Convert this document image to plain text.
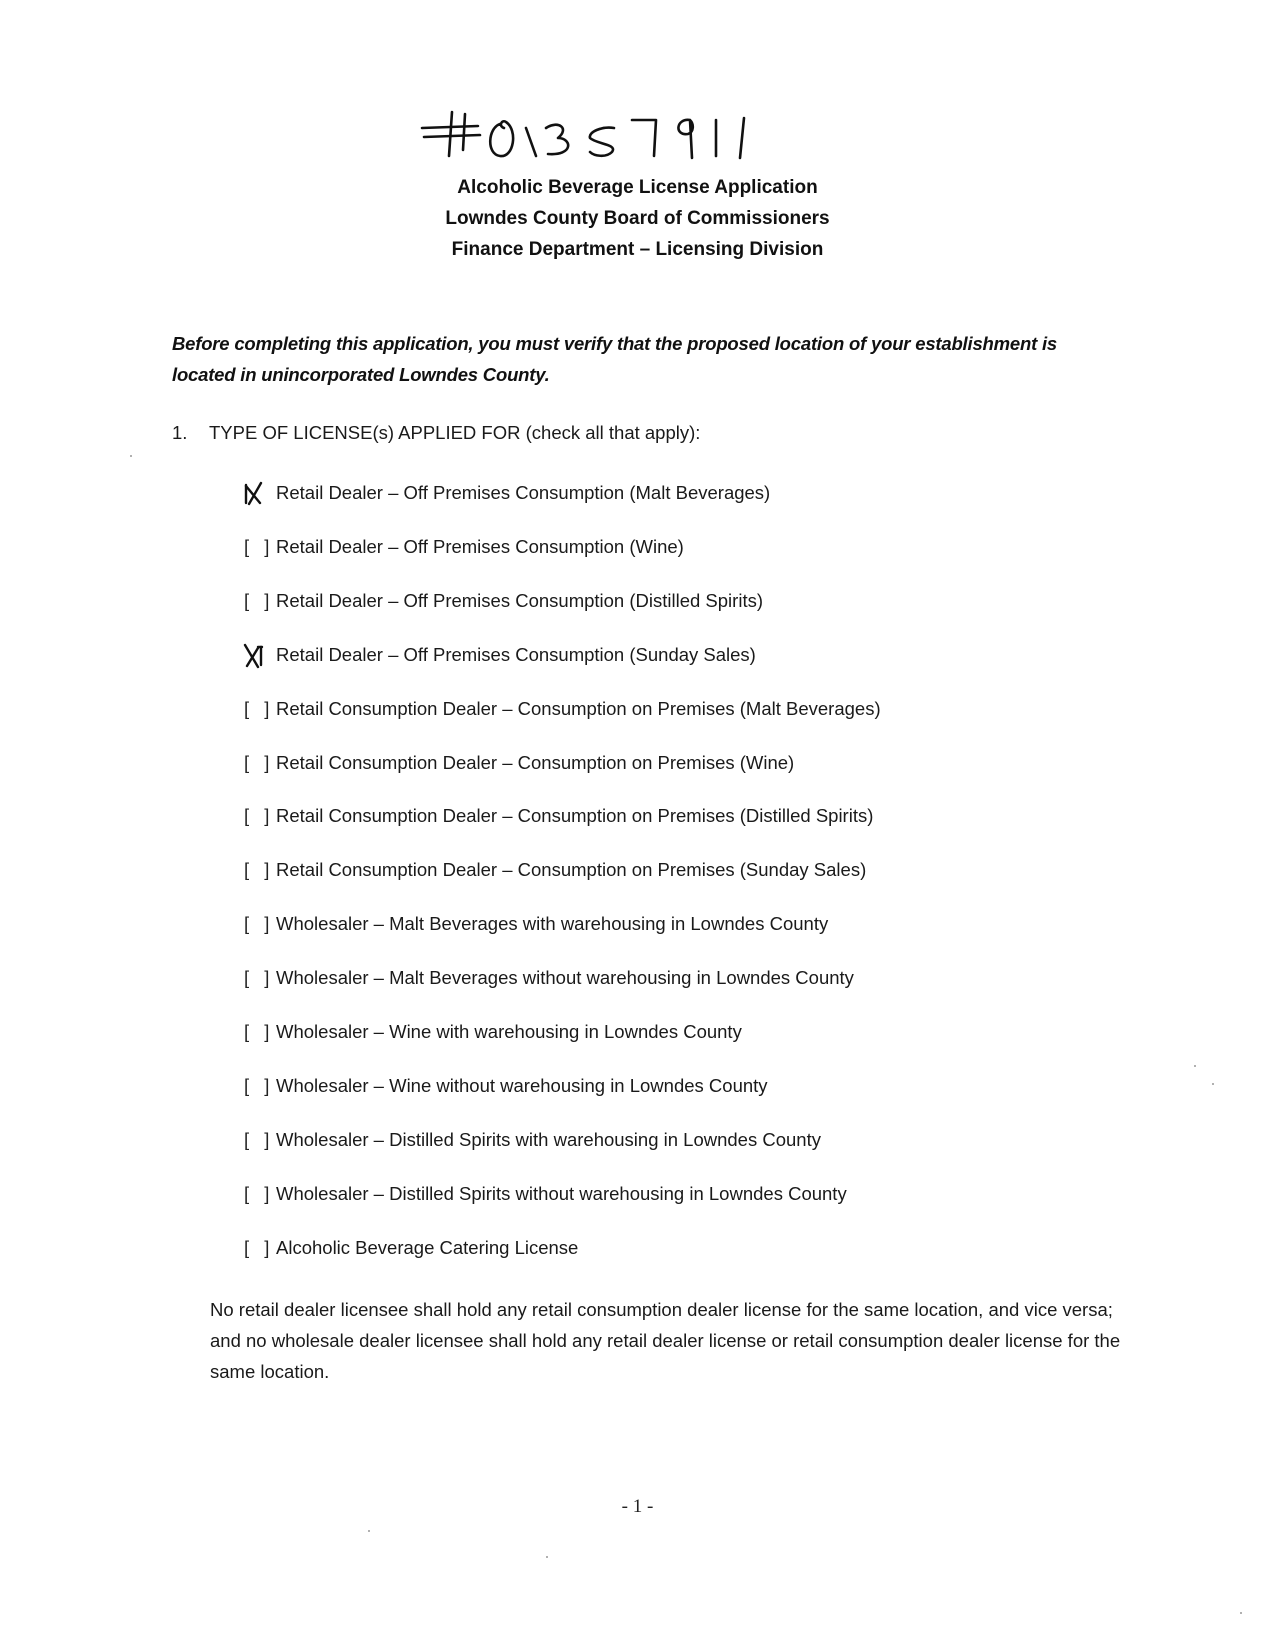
Alcoholic Beverage License Application
Lowndes County Board of Commissioners
Finance Department – Licensing Division
Before completing this application, you must verify that the proposed location of your establishment is located in unincorporated Lowndes County.
1. TYPE OF LICENSE(s) APPLIED FOR (check all that apply):
Retail Dealer – Off Premises Consumption (Malt Beverages)
[ ] Retail Dealer – Off Premises Consumption (Wine)
[ ] Retail Dealer – Off Premises Consumption (Distilled Spirits)
Retail Dealer – Off Premises Consumption (Sunday Sales)
[ ] Retail Consumption Dealer – Consumption on Premises (Malt Beverages)
[ ] Retail Consumption Dealer – Consumption on Premises (Wine)
[ ] Retail Consumption Dealer – Consumption on Premises (Distilled Spirits)
[ ] Retail Consumption Dealer – Consumption on Premises (Sunday Sales)
[ ] Wholesaler – Malt Beverages with warehousing in Lowndes County
[ ] Wholesaler – Malt Beverages without warehousing in Lowndes County
[ ] Wholesaler – Wine with warehousing in Lowndes County
[ ] Wholesaler – Wine without warehousing in Lowndes County
[ ] Wholesaler – Distilled Spirits with warehousing in Lowndes County
[ ] Wholesaler – Distilled Spirits without warehousing in Lowndes County
[ ] Alcoholic Beverage Catering License
No retail dealer licensee shall hold any retail consumption dealer license for the same location, and vice versa; and no wholesale dealer licensee shall hold any retail dealer license or retail consumption dealer license for the same location.
- 1 -
